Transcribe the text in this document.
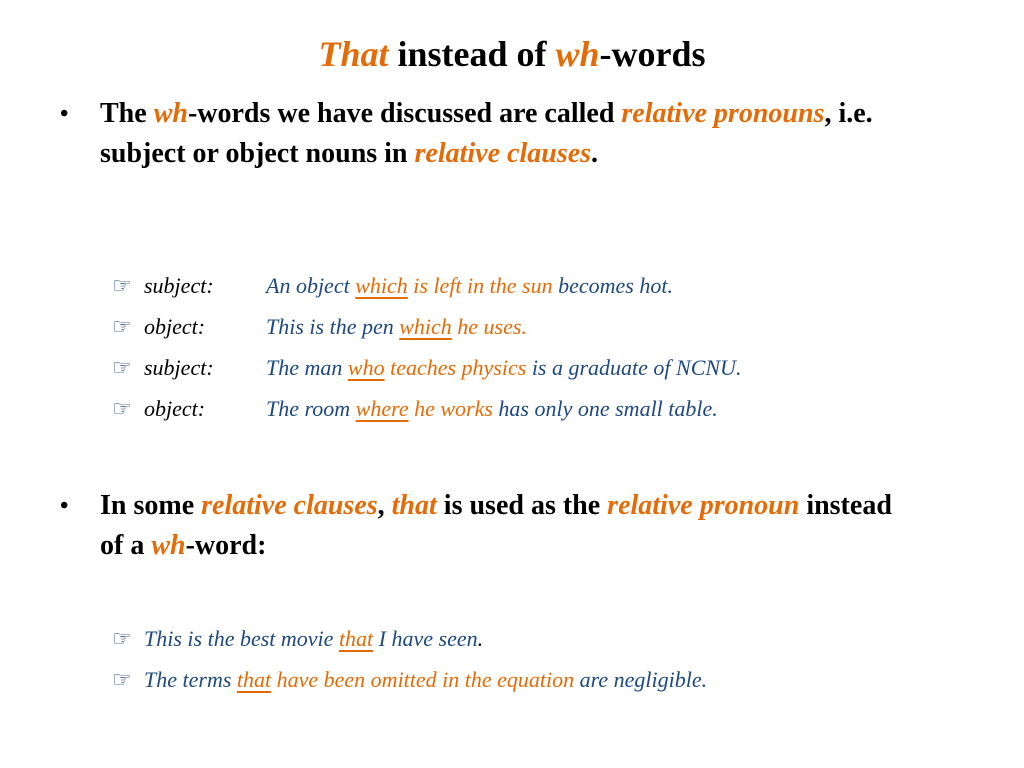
That instead of wh-words
• The wh-words we have discussed are called relative pronouns, i.e. subject or object nouns in relative clauses.
☞ subject: An object which is left in the sun becomes hot.
☞ object:	This is the pen which he uses.
☞ subject: The man who teaches physics is a graduate of NCNU.
☞ object:	The room where he works has only one small table.
• In some relative clauses, that is used as the relative pronoun instead of a wh-word:
☞ This is the best movie that I have seen.
☞ The terms that have been omitted in the equation are negligible.
